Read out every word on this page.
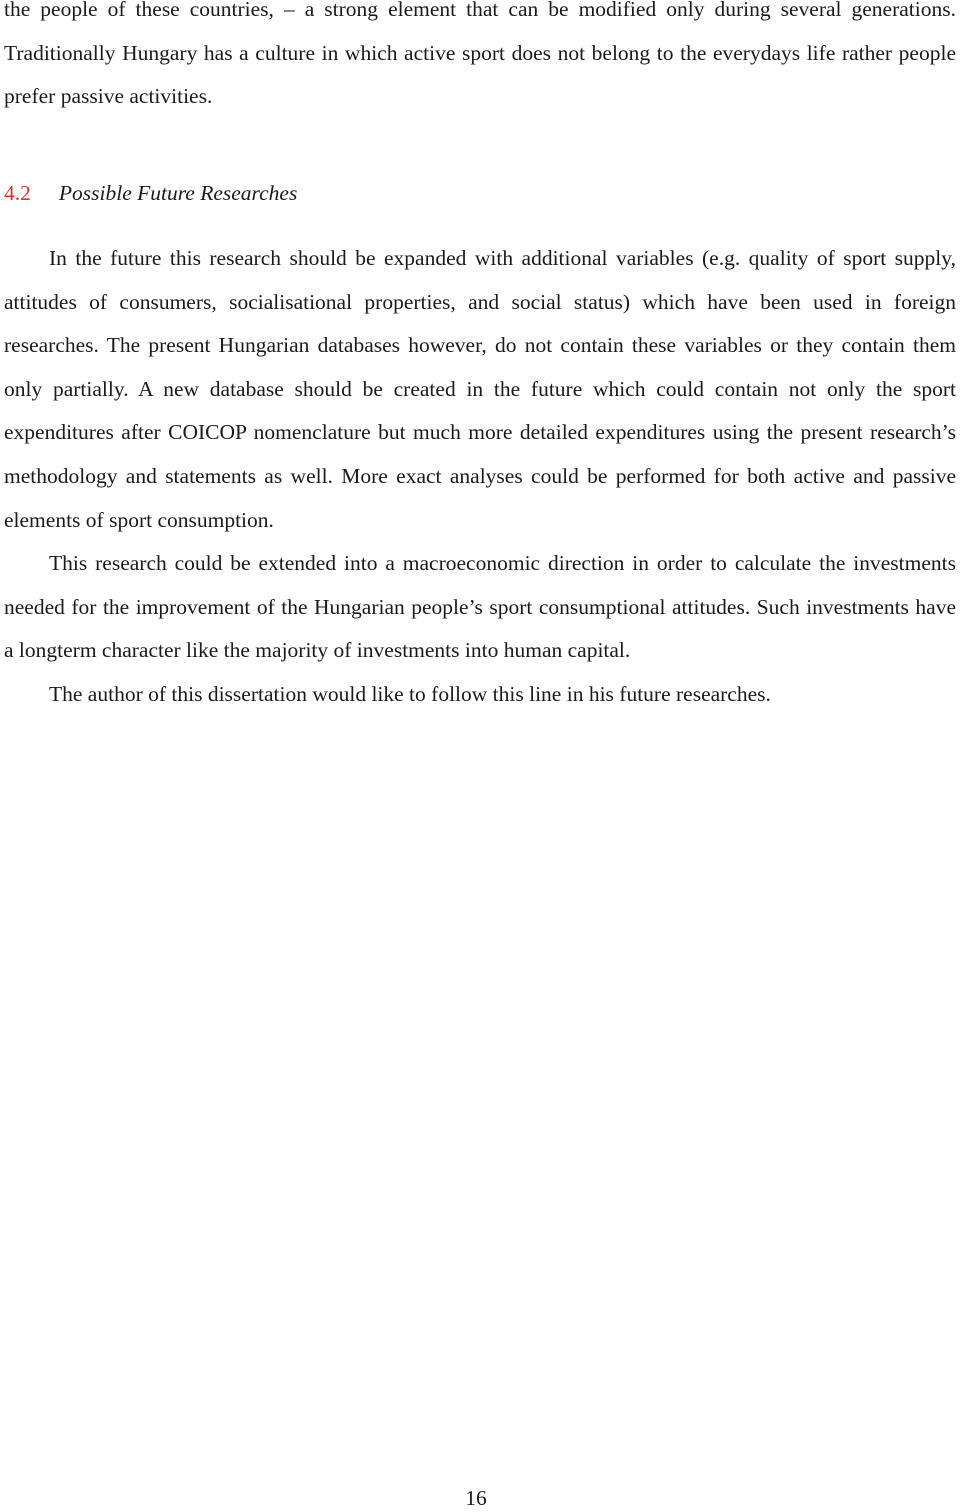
the people of these countries, – a strong element that can be modified only during several generations. Traditionally Hungary has a culture in which active sport does not belong to the everydays life rather people prefer passive activities.

4.2 Possible Future Researches

In the future this research should be expanded with additional variables (e.g. quality of sport supply, attitudes of consumers, socialisational properties, and social status) which have been used in foreign researches. The present Hungarian databases however, do not contain these variables or they contain them only partially. A new database should be created in the future which could contain not only the sport expenditures after COICOP nomenclature but much more detailed expenditures using the present research’s methodology and statements as well. More exact analyses could be performed for both active and passive elements of sport consumption.

This research could be extended into a macroeconomic direction in order to calculate the investments needed for the improvement of the Hungarian people’s sport consumptional attitudes. Such investments have a longterm character like the majority of investments into human capital.

The author of this dissertation would like to follow this line in his future researches.

16
